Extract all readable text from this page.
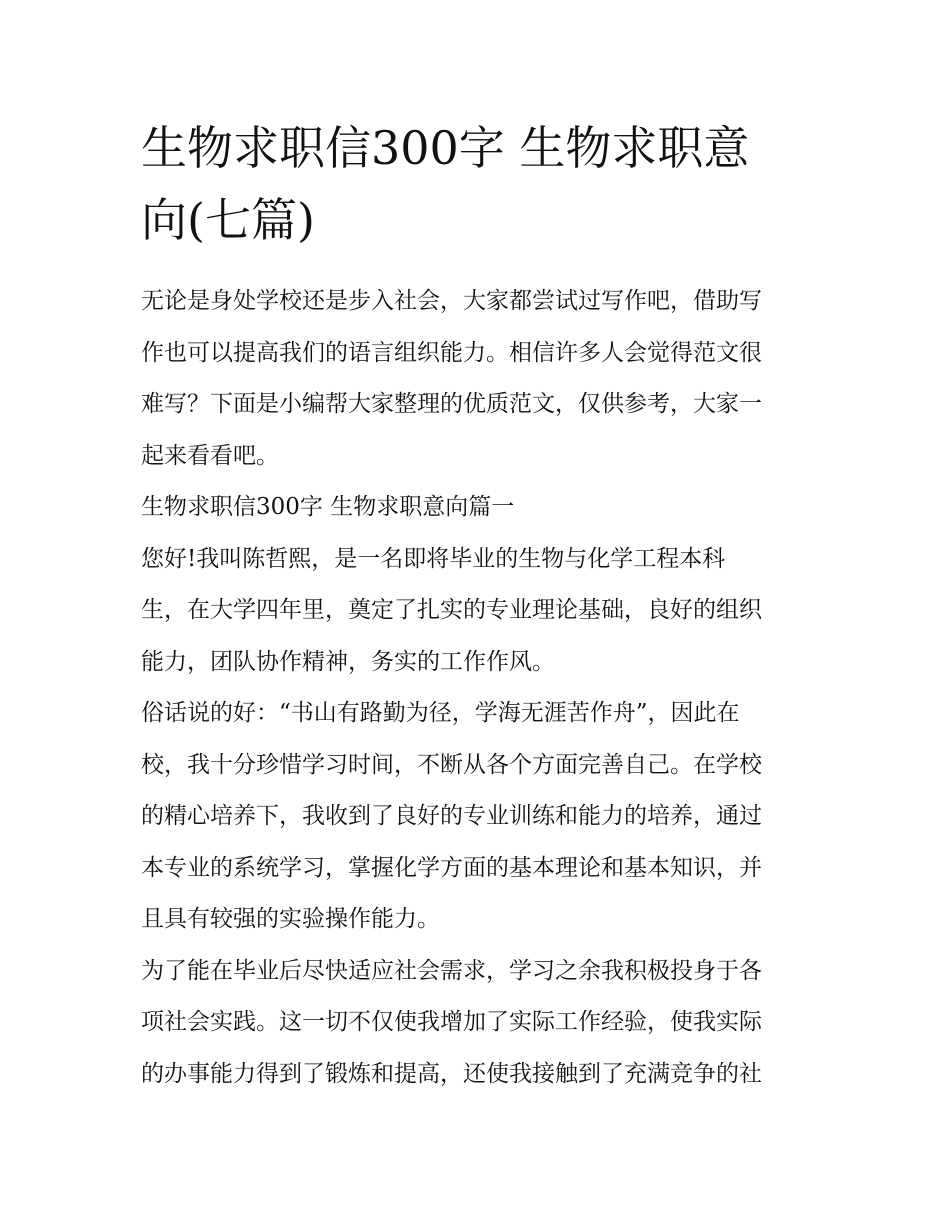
生物求职信300字 生物求职意
向(七篇)
无论是身处学校还是步入社会，大家都尝试过写作吧，借助写
作也可以提高我们的语言组织能力。相信许多人会觉得范文很
难写？下面是小编帮大家整理的优质范文，仅供参考，大家一
起来看看吧。
生物求职信300字 生物求职意向篇一
您好!我叫陈哲熙，是一名即将毕业的生物与化学工程本科
生，在大学四年里，奠定了扎实的专业理论基础，良好的组织
能力，团队协作精神，务实的工作作风。
俗话说的好：“书山有路勤为径，学海无涯苦作舟”，因此在
校，我十分珍惜学习时间，不断从各个方面完善自己。在学校
的精心培养下，我收到了良好的专业训练和能力的培养，通过
本专业的系统学习，掌握化学方面的基本理论和基本知识，并
且具有较强的实验操作能力。
为了能在毕业后尽快适应社会需求，学习之余我积极投身于各
项社会实践。这一切不仅使我增加了实际工作经验，使我实际
的办事能力得到了锻炼和提高，还使我接触到了充满竞争的社
